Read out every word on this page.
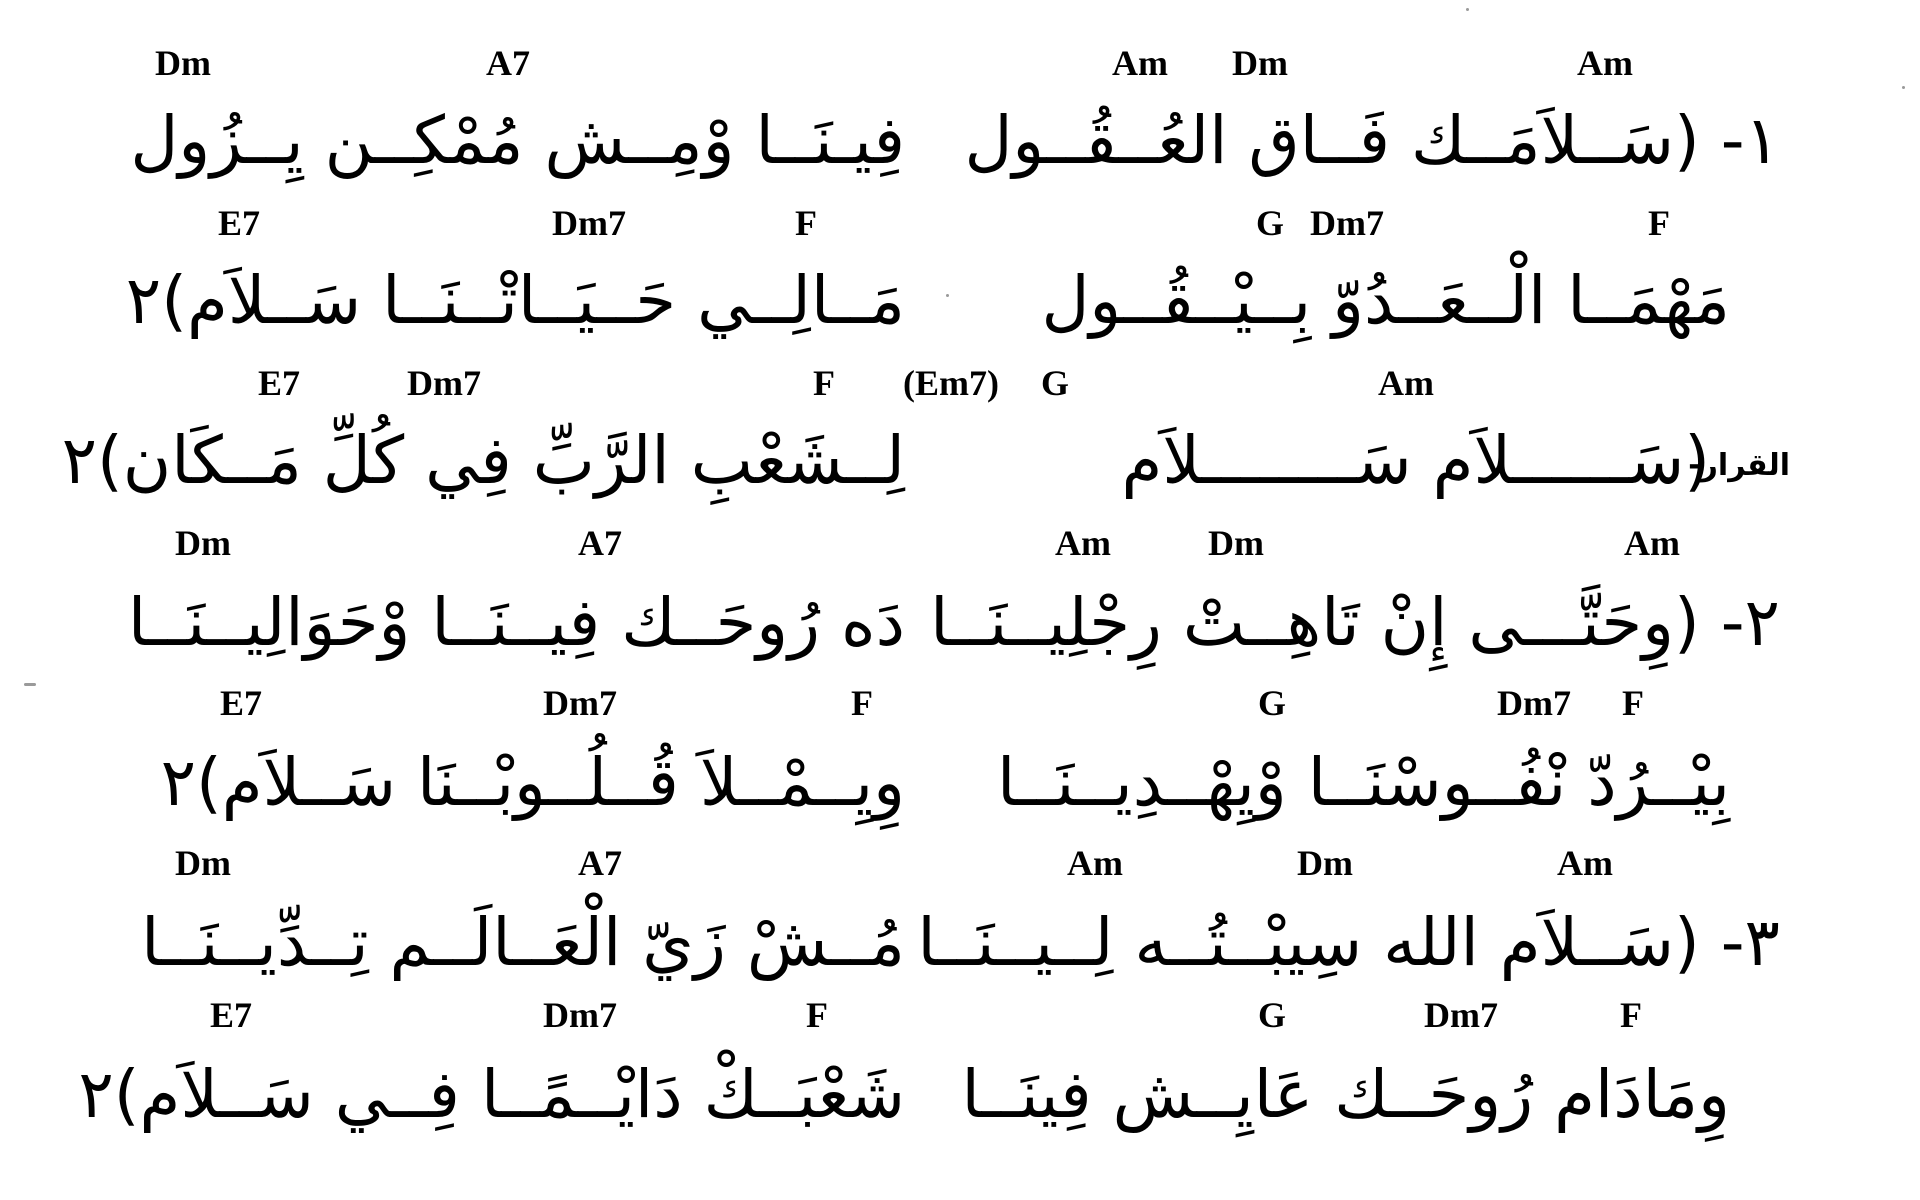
Dm	A7	Am Dm	Am
فِيـنَــا وْمِــش مُمْكِــن يِــزُول ١- (سَــلاَمَــك فَــاق العُــقُــول
E7	Dm7	F	G Dm7	F
مَــالِــي حَــيَــاتْــنَــا سَــلاَم)٢ مَهْمَــا الْــعَــدُوّ بِــيْــقُــول
E7	Dm7	F (Em7) G	Am
لِــشَعْبِ الرَّبِّ فِي كُلِّ مَــكَان)٢	القرار-
(سَــــــلاَم سَــــــــلاَم
Dm	A7	Am	Dm	Am
دَه رُوحَــك فِيــنَــا وْحَوَالِيــنَــا ٢- (وِحَتَّـــى إِنْ تَاهِــتْ رِجْلِيــنَــا
E7	Dm7	F	G	Dm7 F
وِيِــمْــلاَ قُــلُــوبْــنَا سَــلاَم)٢ بِيْــرُدّ نْفُــوسْنَــا وْيِهْــدِيــنَــا
Dm	A7	Am	Dm	Am
مُــشْ زَيّ الْعَــالَــم تِــدِّيــنَــا ٣- (سَــلاَم الله سِيبْــتُــه لِــيــنَــا
E7	Dm7	F	G	Dm7	F
شَعْبَــكْ دَايْــمًــا فِــي سَــلاَم)٢ وِمَادَام رُوحَــك عَايِــش فِينَــا
